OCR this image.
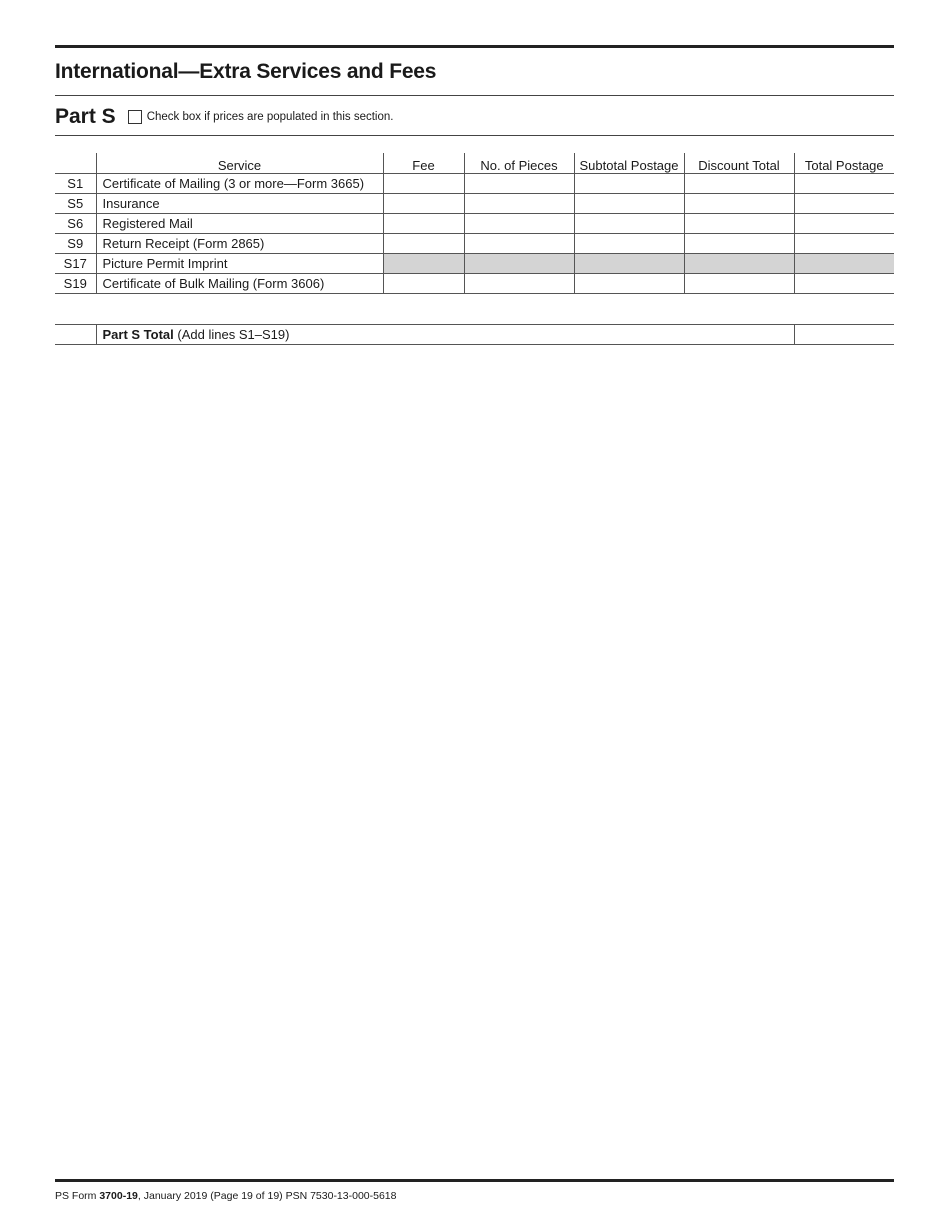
International—Extra Services and Fees
Part S	Check box if prices are populated in this section.
	Service	Fee	No. of Pieces	Subtotal Postage	Discount Total	Total Postage
S1	Certificate of Mailing (3 or more—Form 3665)					
S5	Insurance					
S6	Registered Mail					
S9	Return Receipt (Form 2865)					
S17	Picture Permit Imprint					
S19	Certificate of Bulk Mailing (Form 3606)					
	Part S Total (Add lines S1–S19)	
PS Form 3700-19, January 2019 (Page 19 of 19) PSN 7530-13-000-5618
